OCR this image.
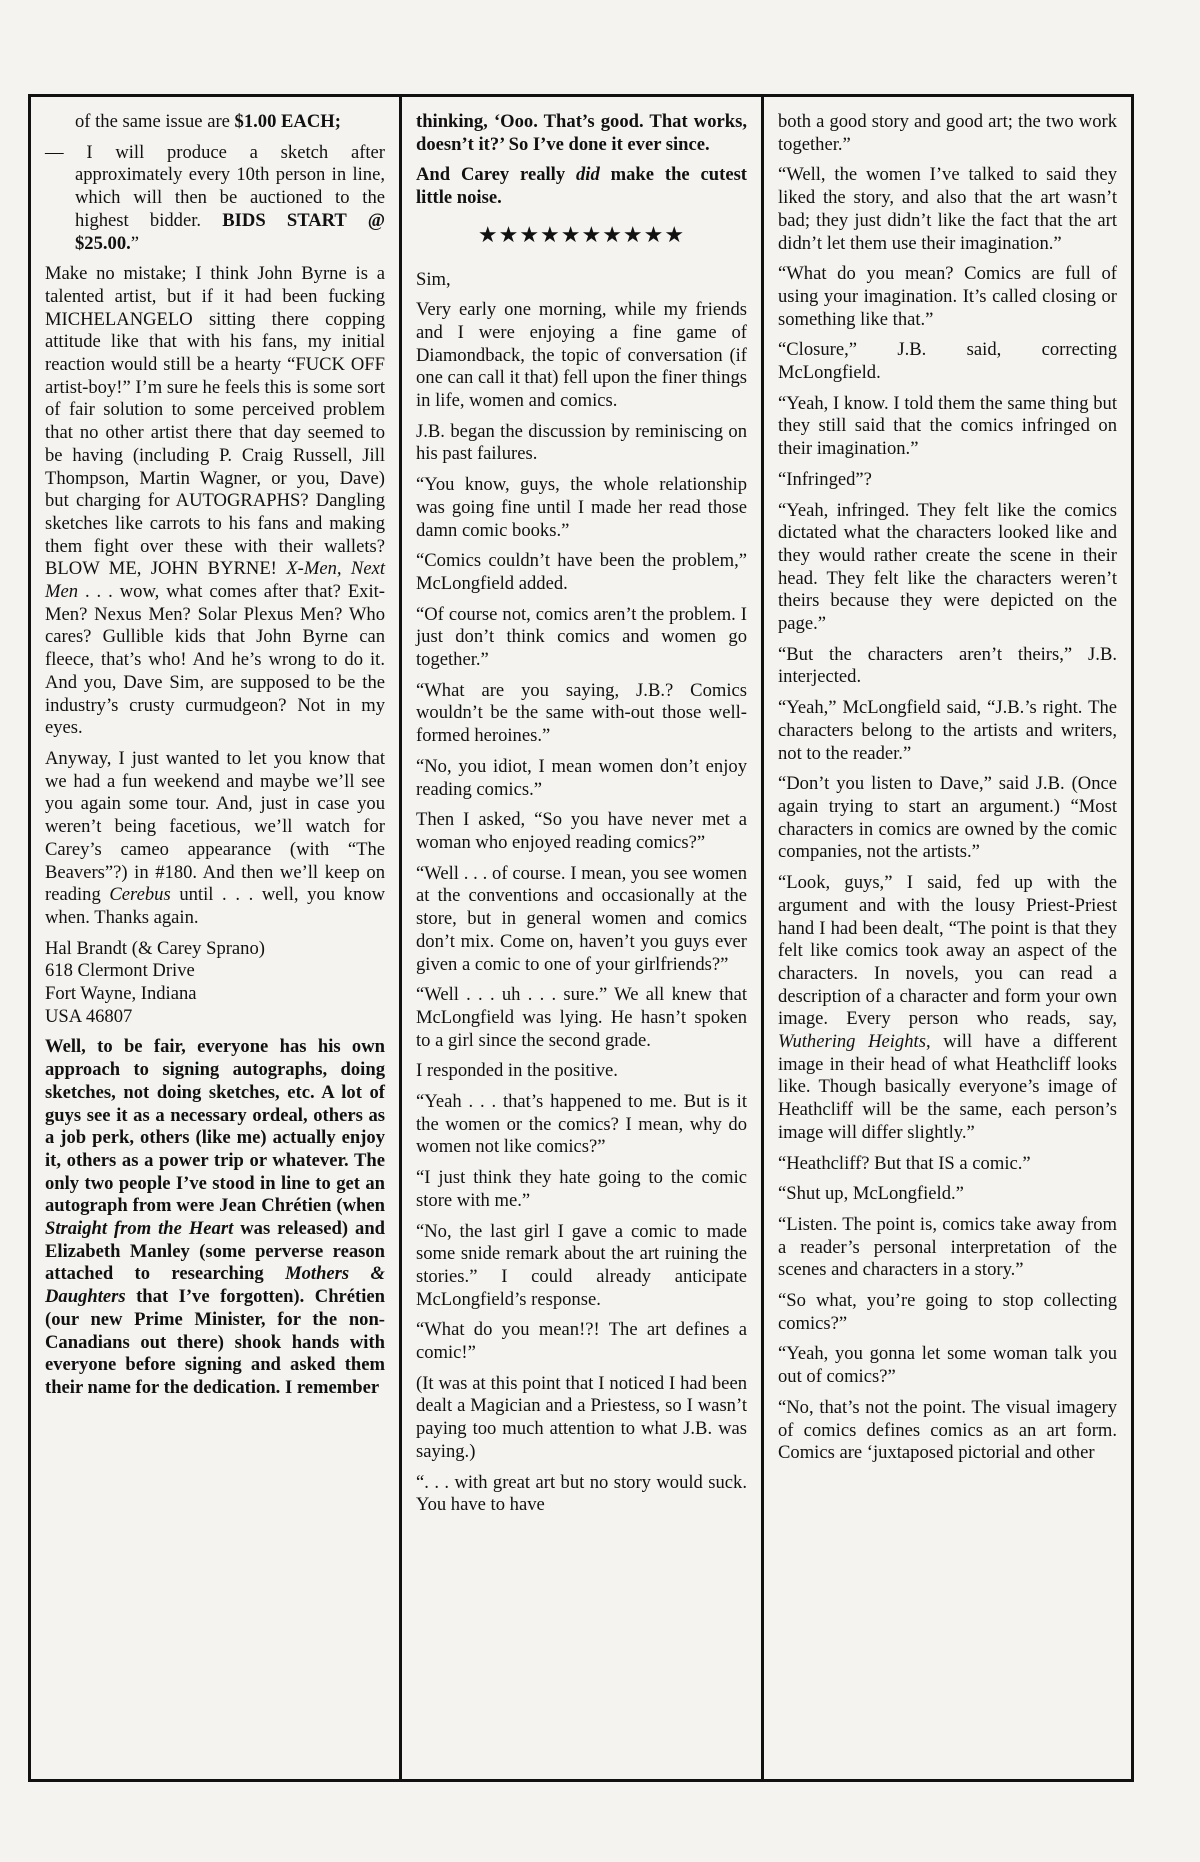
of the same issue are $1.00 EACH;

— I will produce a sketch after approximately every 10th person in line, which will then be auctioned to the highest bidder. BIDS START @ $25.00.”

Make no mistake; I think John Byrne is a talented artist, but if it had been fucking MICHELANGELO sitting there copping attitude like that with his fans, my initial reaction would still be a hearty “FUCK OFF artist-boy!” I’m sure he feels this is some sort of fair solution to some perceived problem that no other artist there that day seemed to be having (including P. Craig Russell, Jill Thompson, Martin Wagner, or you, Dave) but charging for AUTOGRAPHS? Dangling sketches like carrots to his fans and making them fight over these with their wallets? BLOW ME, JOHN BYRNE! X-Men, Next Men . . . wow, what comes after that? Exit-Men? Nexus Men? Solar Plexus Men? Who cares? Gullible kids that John Byrne can fleece, that’s who! And he’s wrong to do it. And you, Dave Sim, are supposed to be the industry’s crusty curmudgeon? Not in my eyes.

Anyway, I just wanted to let you know that we had a fun weekend and maybe we’ll see you again some tour. And, just in case you weren’t being facetious, we’ll watch for Carey’s cameo appearance (with “The Beavers”?) in #180. And then we’ll keep on reading Cerebus until . . . well, you know when. Thanks again.

Hal Brandt (& Carey Sprano)
618 Clermont Drive
Fort Wayne, Indiana
USA 46807

Well, to be fair, everyone has his own approach to signing autographs, doing sketches, not doing sketches, etc. A lot of guys see it as a necessary ordeal, others as a job perk, others (like me) actually enjoy it, others as a power trip or whatever. The only two people I’ve stood in line to get an autograph from were Jean Chrétien (when Straight from the Heart was released) and Elizabeth Manley (some perverse reason attached to researching Mothers & Daughters that I’ve forgotten). Chrétien (our new Prime Minister, for the non-Canadians out there) shook hands with everyone before signing and asked them their name for the dedication. I remember

thinking, ‘Ooo. That’s good. That works, doesn’t it?’ So I’ve done it ever since.

And Carey really did make the cutest little noise.

★★★★★★★★★★

Sim,

Very early one morning, while my friends and I were enjoying a fine game of Diamondback, the topic of conversation (if one can call it that) fell upon the finer things in life, women and comics.

J.B. began the discussion by reminiscing on his past failures.

“You know, guys, the whole relationship was going fine until I made her read those damn comic books.”

“Comics couldn’t have been the problem,” McLongfield added.

“Of course not, comics aren’t the problem. I just don’t think comics and women go together.”

“What are you saying, J.B.? Comics wouldn’t be the same with-out those well-formed heroines.”

“No, you idiot, I mean women don’t enjoy reading comics.”

Then I asked, “So you have never met a woman who enjoyed reading comics?”

“Well . . . of course. I mean, you see women at the conventions and occasionally at the store, but in general women and comics don’t mix. Come on, haven’t you guys ever given a comic to one of your girlfriends?”

“Well . . . uh . . . sure.” We all knew that McLongfield was lying. He hasn’t spoken to a girl since the second grade.

I responded in the positive.

“Yeah . . . that’s happened to me. But is it the women or the comics? I mean, why do women not like comics?”

“I just think they hate going to the comic store with me.”

“No, the last girl I gave a comic to made some snide remark about the art ruining the stories.” I could already anticipate McLongfield’s response.

“What do you mean!?! The art defines a comic!”

(It was at this point that I noticed I had been dealt a Magician and a Priestess, so I wasn’t paying too much attention to what J.B. was saying.)

“. . . with great art but no story would suck. You have to have

both a good story and good art; the two work together.”

“Well, the women I’ve talked to said they liked the story, and also that the art wasn’t bad; they just didn’t like the fact that the art didn’t let them use their imagination.”

“What do you mean? Comics are full of using your imagination. It’s called closing or something like that.”

“Closure,” J.B. said, correcting McLongfield.

“Yeah, I know. I told them the same thing but they still said that the comics infringed on their imagination.”

“Infringed”?

“Yeah, infringed. They felt like the comics dictated what the characters looked like and they would rather create the scene in their head. They felt like the characters weren’t theirs because they were depicted on the page.”

“But the characters aren’t theirs,” J.B. interjected.

“Yeah,” McLongfield said, “J.B.’s right. The characters belong to the artists and writers, not to the reader.”

“Don’t you listen to Dave,” said J.B. (Once again trying to start an argument.) “Most characters in comics are owned by the comic companies, not the artists.”

“Look, guys,” I said, fed up with the argument and with the lousy Priest-Priest hand I had been dealt, “The point is that they felt like comics took away an aspect of the characters. In novels, you can read a description of a character and form your own image. Every person who reads, say, Wuthering Heights, will have a different image in their head of what Heathcliff looks like. Though basically everyone’s image of Heathcliff will be the same, each person’s image will differ slightly.”

“Heathcliff? But that IS a comic.”

“Shut up, McLongfield.”

“Listen. The point is, comics take away from a reader’s personal interpretation of the scenes and characters in a story.”

“So what, you’re going to stop collecting comics?”

“Yeah, you gonna let some woman talk you out of comics?”

“No, that’s not the point. The visual imagery of comics defines comics as an art form. Comics are ‘juxtaposed pictorial and other
